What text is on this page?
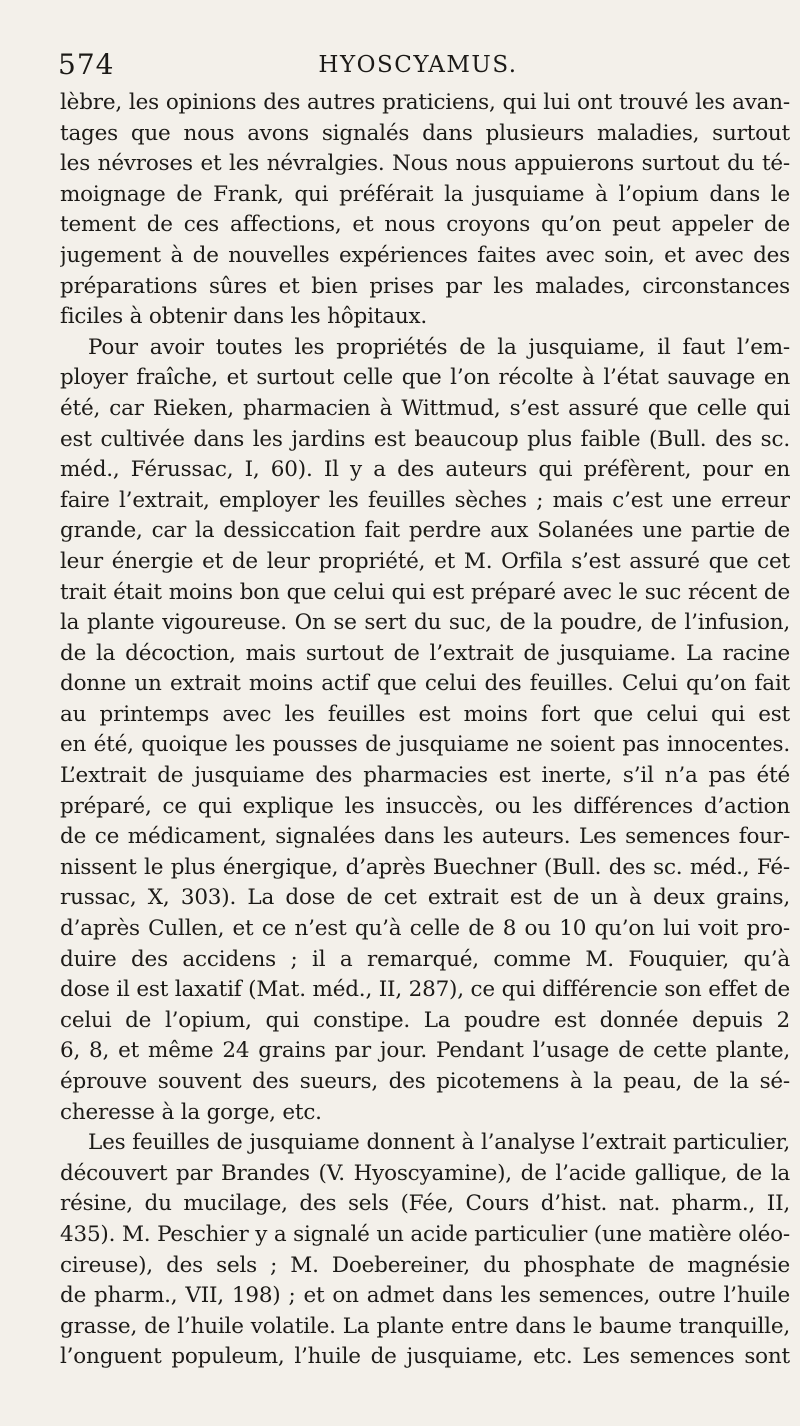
574	HYOSCYAMUS.
lèbre, les opinions des autres praticiens, qui lui ont trouvé les avan-
tages que nous avons signalés dans plusieurs maladies, surtout
les névroses et les névralgies. Nous nous appuierons surtout du té-
moignage de Frank, qui préférait la jusquiame à l’opium dans le
tement de ces affections, et nous croyons qu’on peut appeler de
jugement à de nouvelles expériences faites avec soin, et avec des
préparations sûres et bien prises par les malades, circonstances
ficiles à obtenir dans les hôpitaux.
Pour avoir toutes les propriétés de la jusquiame, il faut l’em-
ployer fraîche, et surtout celle que l’on récolte à l’état sauvage en
été, car Rieken, pharmacien à Wittmud, s’est assuré que celle qui
est cultivée dans les jardins est beaucoup plus faible (Bull. des sc.
méd., Férussac, I, 60). Il y a des auteurs qui préfèrent, pour en
faire l’extrait, employer les feuilles sèches ; mais c’est une erreur
grande, car la dessiccation fait perdre aux Solanées une partie de
leur énergie et de leur propriété, et M. Orfila s’est assuré que cet
trait était moins bon que celui qui est préparé avec le suc récent de
la plante vigoureuse. On se sert du suc, de la poudre, de l’infusion,
de la décoction, mais surtout de l’extrait de jusquiame. La racine
donne un extrait moins actif que celui des feuilles. Celui qu’on fait
au printemps avec les feuilles est moins fort que celui qui est
en été, quoique les pousses de jusquiame ne soient pas innocentes.
L’extrait de jusquiame des pharmacies est inerte, s’il n’a pas été
préparé, ce qui explique les insuccès, ou les différences d’action
de ce médicament, signalées dans les auteurs. Les semences four-
nissent le plus énergique, d’après Buechner (Bull. des sc. méd., Fé-
russac, X, 303). La dose de cet extrait est de un à deux grains,
d’après Cullen, et ce n’est qu’à celle de 8 ou 10 qu’on lui voit pro-
duire des accidens ; il a remarqué, comme M. Fouquier, qu’à
dose il est laxatif (Mat. méd., II, 287), ce qui différencie son effet de
celui de l’opium, qui constipe. La poudre est donnée depuis 2
6, 8, et même 24 grains par jour. Pendant l’usage de cette plante,
éprouve souvent des sueurs, des picotemens à la peau, de la sé-
cheresse à la gorge, etc.
Les feuilles de jusquiame donnent à l’analyse l’extrait particulier,
découvert par Brandes (V. Hyoscyamine), de l’acide gallique, de la
résine, du mucilage, des sels (Fée, Cours d’hist. nat. pharm., II,
435). M. Peschier y a signalé un acide particulier (une matière oléo-
cireuse), des sels ; M. Doebereiner, du phosphate de magnésie
de pharm., VII, 198) ; et on admet dans les semences, outre l’huile
grasse, de l’huile volatile. La plante entre dans le baume tranquille,
l’onguent populeum, l’huile de jusquiame, etc. Les semences sont
